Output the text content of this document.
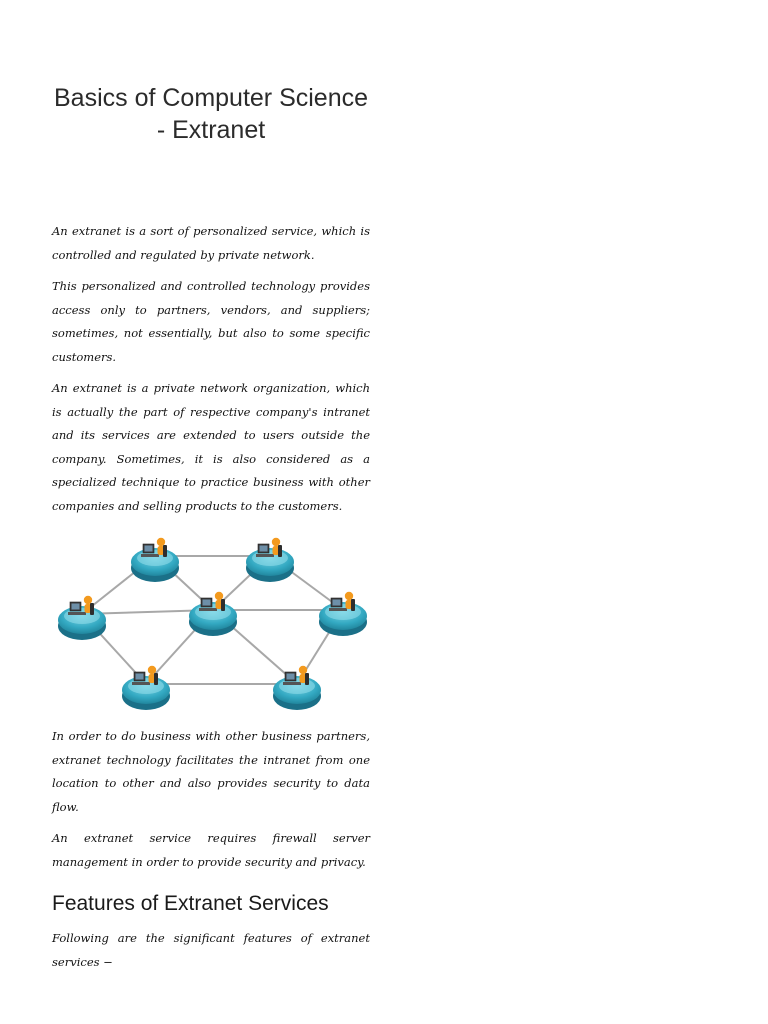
Basics of Computer Science - Extranet

An extranet is a sort of personalized service, which is controlled and regulated by private network.

This personalized and controlled technology provides access only to partners, vendors, and suppliers; sometimes, not essentially, but also to some specific customers.

An extranet is a private network organization, which is actually the part of respective company's intranet and its services are extended to users outside the company. Sometimes, it is also considered as a specialized technique to practice business with other companies and selling products to the customers.

In order to do business with other business partners, extranet technology facilitates the intranet from one location to other and also provides security to data flow.

An extranet service requires firewall server management in order to provide security and privacy.

Features of Extranet Services

Following are the significant features of extranet services −
